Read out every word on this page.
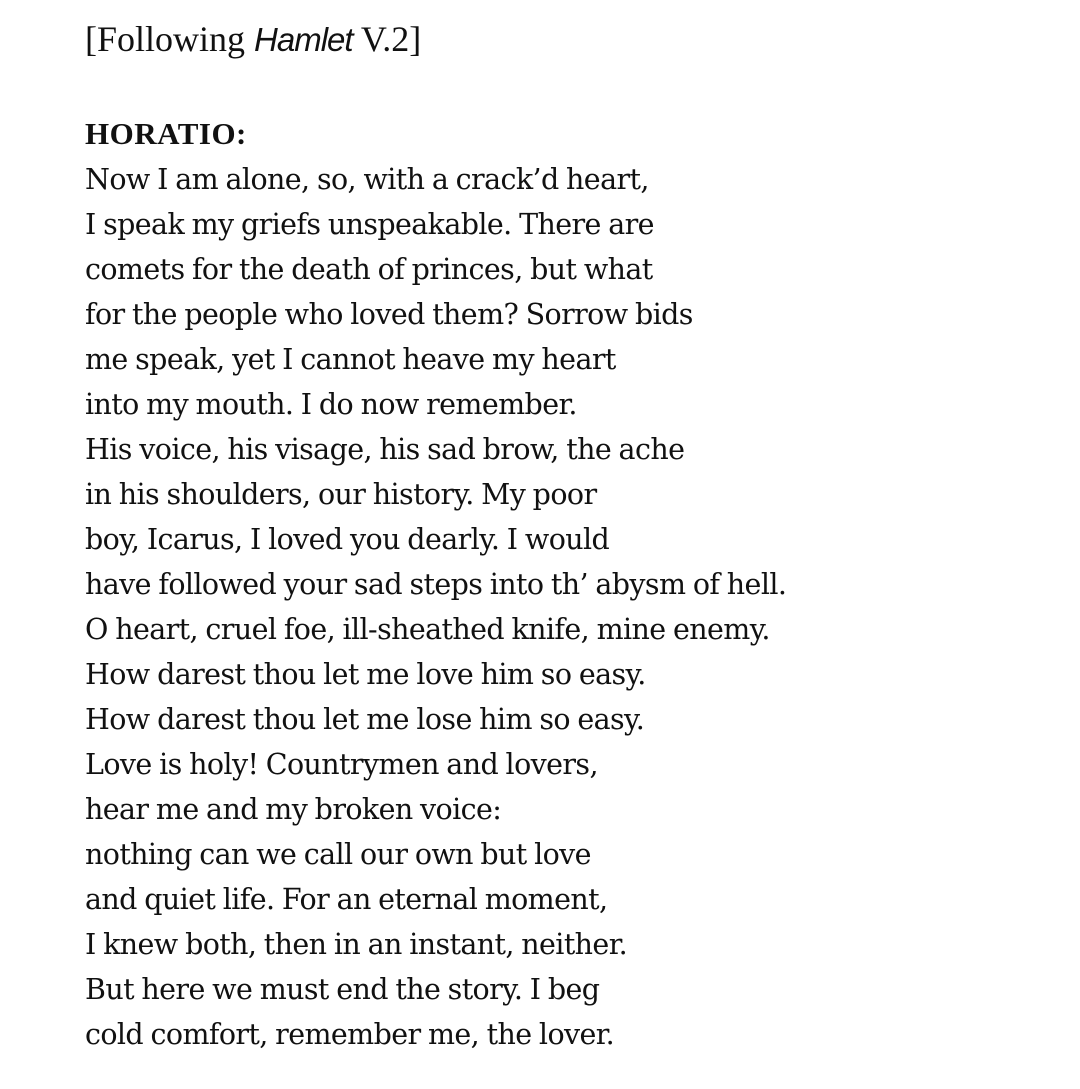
[Following Hamlet V.2]

HORATIO:

Now I am alone, so, with a crack’d heart,
I speak my griefs unspeakable. There are
comets for the death of princes, but what
for the people who loved them? Sorrow bids
me speak, yet I cannot heave my heart
into my mouth. I do now remember.
His voice, his visage, his sad brow, the ache
in his shoulders, our history. My poor
boy, Icarus, I loved you dearly. I would
have followed your sad steps into th’ abysm of hell.
O heart, cruel foe, ill-sheathed knife, mine enemy.
How darest thou let me love him so easy.
How darest thou let me lose him so easy.
Love is holy! Countrymen and lovers,
hear me and my broken voice:
nothing can we call our own but love
and quiet life. For an eternal moment,
I knew both, then in an instant, neither.
But here we must end the story. I beg
cold comfort, remember me, the lover.
